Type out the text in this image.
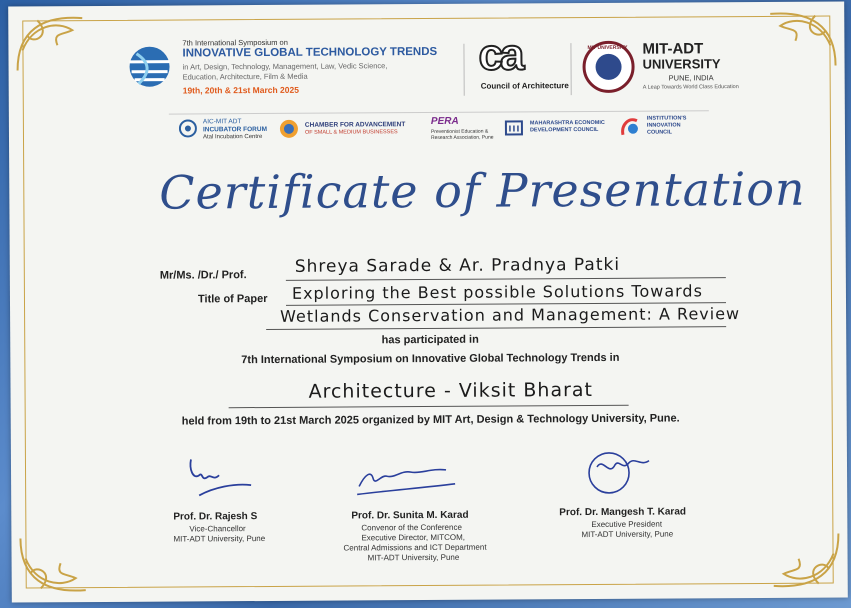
7th International Symposium on
INNOVATIVE GLOBAL TECHNOLOGY TRENDS
in Art, Design, Technology, Management, Law, Vedic Science,
Education, Architecture, Film & Media
19th, 20th & 21st March 2025
ca
Council of Architecture
MIT UNIVERSITY MIT-ADT
UNIVERSITY
PUNE, INDIA
A Leap Towards World Class Education
AIC-MIT ADT
INCUBATOR FORUM
Atal Incubation Centre
CHAMBER FOR ADVANCEMENT
OF SMALL & MEDIUM BUSINESSES
PERA
Preventionist Education &
Research Association, Pune
MAHARASHTRA ECONOMIC
DEVELOPMENT COUNCIL
INSTITUTION'S
INNOVATION
COUNCIL
Certificate of Presentation
Mr/Ms. /Dr./ Prof.	Shreya Sarade & Ar. Pradnya Patki
Title of Paper Exploring the Best possible Solutions Towards
Wetlands Conservation and Management: A Review
has participated in
7th International Symposium on Innovative Global Technology Trends in
Architecture - Viksit Bharat
held from 19th to 21st March 2025 organized by MIT Art, Design & Technology University, Pune.
Prof. Dr. Rajesh S
Vice-Chancellor
MIT-ADT University, Pune
Prof. Dr. Sunita M. Karad
Convenor of the Conference
Executive Director, MITCOM,
Central Admissions and ICT Department
MIT-ADT University, Pune
Prof. Dr. Mangesh T. Karad
Executive President
MIT-ADT University, Pune
